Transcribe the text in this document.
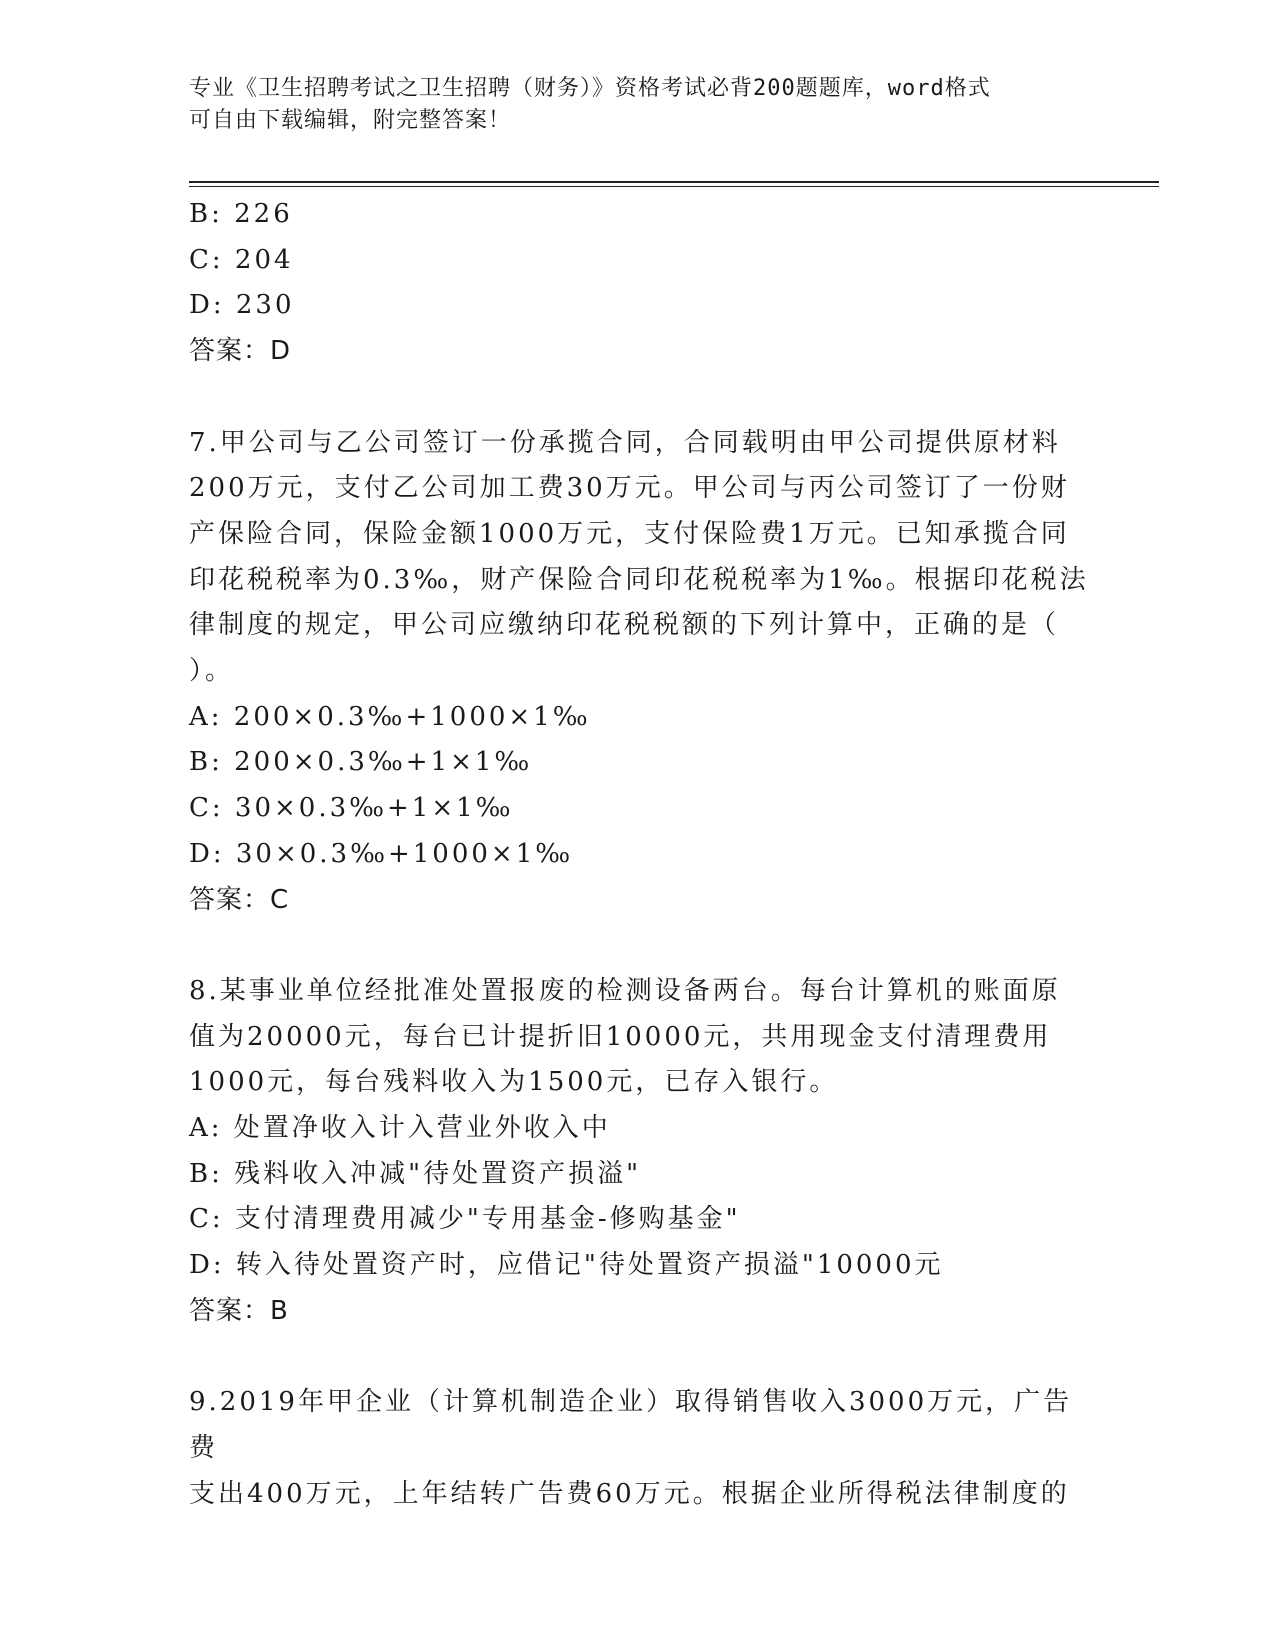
专业《卫生招聘考试之卫生招聘（财务）》资格考试必背200题题库，word格式
可自由下载编辑，附完整答案！

B: 226

C: 204

D: 230

答案：D

7.甲公司与乙公司签订一份承揽合同，合同载明由甲公司提供原材料

200万元，支付乙公司加工费30万元。甲公司与丙公司签订了一份财

产保险合同，保险金额1000万元，支付保险费1万元。已知承揽合同

印花税税率为0.3‰，财产保险合同印花税税率为1‰。根据印花税法

律制度的规定，甲公司应缴纳印花税税额的下列计算中，正确的是（

）。

A: 200×0.3‰+1000×1‰

B: 200×0.3‰+1×1‰

C: 30×0.3‰+1×1‰

D: 30×0.3‰+1000×1‰

答案：C

8.某事业单位经批准处置报废的检测设备两台。每台计算机的账面原

值为20000元，每台已计提折旧10000元，共用现金支付清理费用

1000元，每台残料收入为1500元，已存入银行。

A: 处置净收入计入营业外收入中

B: 残料收入冲减"待处置资产损溢"

C: 支付清理费用减少"专用基金-修购基金"

D: 转入待处置资产时，应借记"待处置资产损溢"10000元

答案：B

9.2019年甲企业（计算机制造企业）取得销售收入3000万元，广告费

支出400万元，上年结转广告费60万元。根据企业所得税法律制度的
